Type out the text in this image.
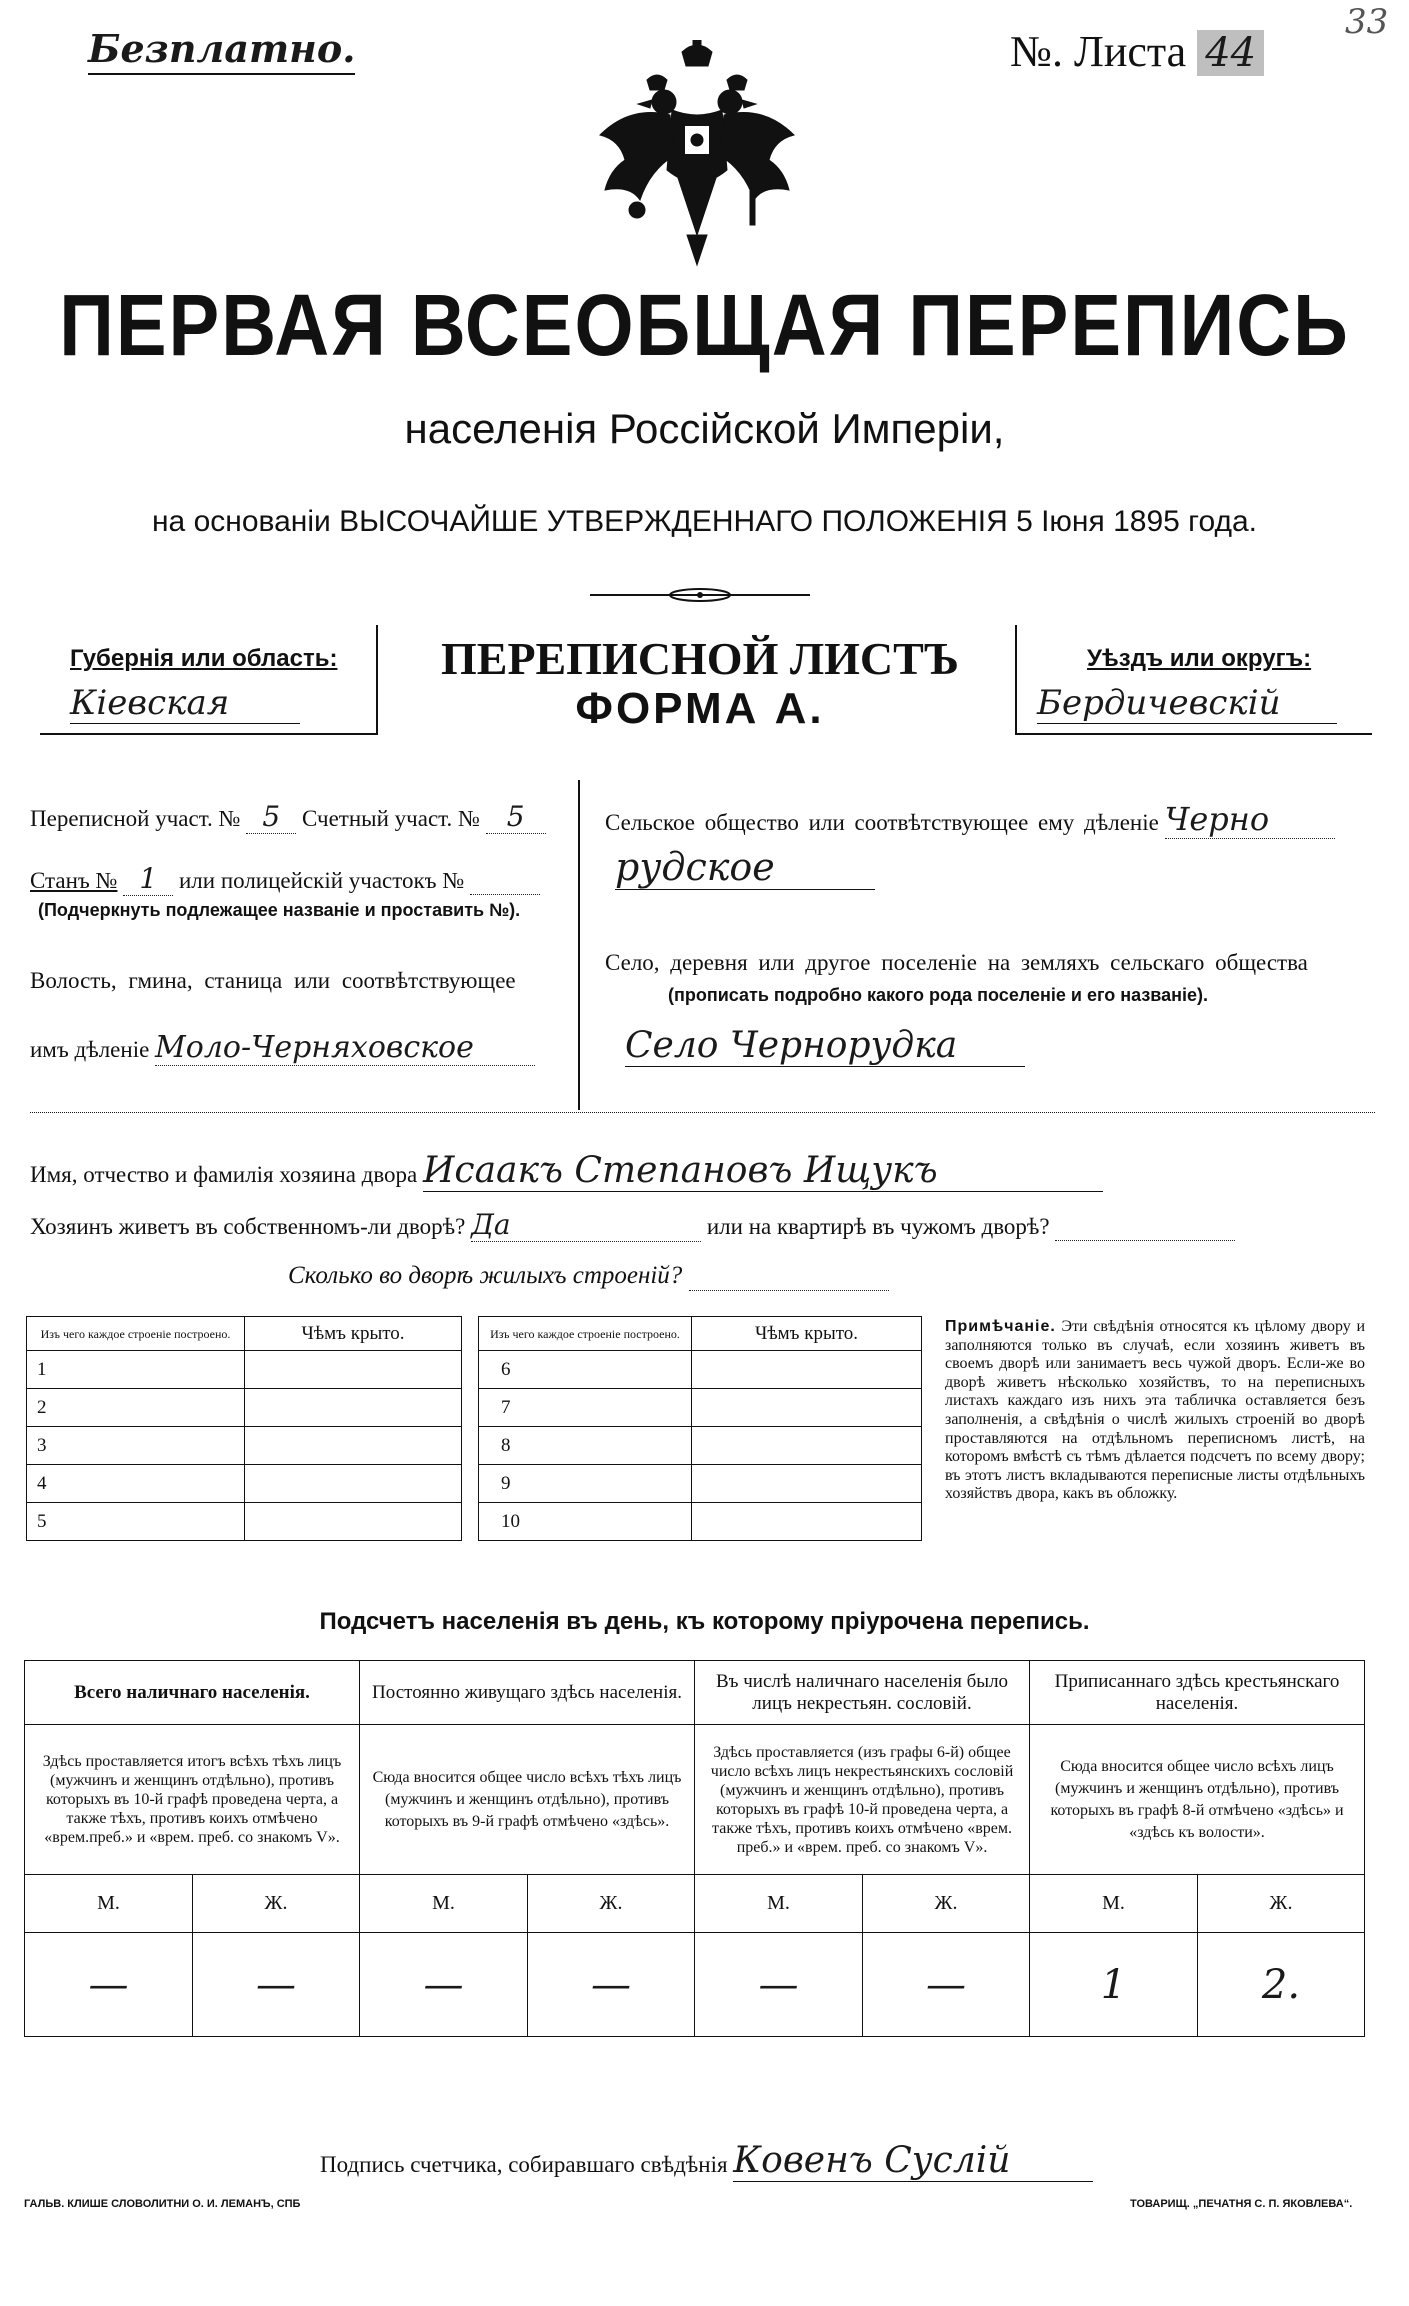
Безплатно.	№. Листа 44
33
ПЕРВАЯ ВСЕОБЩАЯ ПЕРЕПИСЬ
населенія Россійской Имперіи,
на основаніи ВЫСОЧАЙШЕ УТВЕРЖДЕННАГО ПОЛОЖЕНІЯ 5 Іюня 1895 года.
Губернія или область:
Кіевская
ПЕРЕПИСНОЙ ЛИСТЪ
ФОРМА А.
Уѣздъ или округъ:
Бердичевскій
Переписной участ. № 5 Счетный участ. № 5
Станъ № 1 или полицейскій участокъ №
(Подчеркнуть подлежащее названіе и проставить №).
Волость, гмина, станица или соотвѣтствующее
имъ дѣленіе Моло-Черняховское
Сельское общество или соотвѣтствующее ему дѣленіе Черно
рудское
Село, деревня или другое поселеніе на земляхъ сельскаго общества
(прописать подробно какого рода поселеніе и его названіе).
Село Чернорудка
Имя, отчество и фамилія хозяина двора Исаакъ Степановъ Ищукъ
Хозяинъ живетъ въ собственномъ-ли дворѣ? Да	или на квартирѣ въ чужомъ дворѣ?
Сколько во дворѣ жилыхъ строеній?
Изъ чего каждое строеніе построено.	Чѣмъ крыто.
1	
2	
3	
4	
5	
Изъ чего каждое строеніе построено.	Чѣмъ крыто.
6	
7	
8	
9	
10	
Примѣчаніе. Эти свѣдѣнія относятся къ цѣлому двору и заполняются только въ случаѣ, если хозяинъ живетъ въ своемъ дворѣ или занимаетъ весь чужой дворъ. Если-же во дворѣ живетъ нѣсколько хозяйствъ, то на переписныхъ листахъ каждаго изъ нихъ эта табличка оставляется безъ заполненія, а свѣдѣнія о числѣ жилыхъ строеній во дворѣ проставляются на отдѣльномъ переписномъ листѣ, на которомъ вмѣстѣ съ тѣмъ дѣлается подсчетъ по всему двору; въ этотъ листъ вкладываются переписные листы отдѣльныхъ хозяйствъ двора, какъ въ обложку.
Подсчетъ населенія въ день, къ которому пріурочена перепись.
Всего наличнаго населенія.		Постоянно живущаго здѣсь населенія.		Въ числѣ наличнаго населенія было лицъ некрестьян. сословій.		Приписаннаго здѣсь крестьянскаго населенія.	
Здѣсь проставляется итогъ всѣхъ тѣхъ лицъ (мужчинъ и женщинъ отдѣльно), противъ которыхъ въ 10-й графѣ проведена черта, а также тѣхъ, противъ коихъ отмѣчено «врем.преб.» и «врем. преб. со знакомъ V».		Сюда вносится общее число всѣхъ тѣхъ лицъ (мужчинъ и женщинъ отдѣльно), противъ которыхъ въ 9-й графѣ отмѣчено «здѣсь».		Здѣсь проставляется (изъ графы 6-й) общее число всѣхъ лицъ некрестьянскихъ сословій (мужчинъ и женщинъ отдѣльно), противъ которыхъ въ графѣ 10-й проведена черта, а также тѣхъ, противъ коихъ отмѣчено «врем. преб.» и «врем. преб. со знакомъ V».		Сюда вносится общее число всѣхъ лицъ (мужчинъ и женщинъ отдѣльно), противъ которыхъ въ графѣ 8-й отмѣчено «здѣсь» и «здѣсь къ волости».	
М.	Ж.	М.	Ж.	М.	Ж.	М.	Ж.
—	—	—	—	—	—	1	2.
Подпись счетчика, собиравшаго свѣдѣнія Ковенъ Суслій
ГАЛЬВ. КЛИШЕ СЛОВОЛИТНИ О. И. ЛЕМАНЪ, СПБ	ТОВАРИЩ. „ПЕЧАТНЯ С. П. ЯКОВЛЕВА“.
